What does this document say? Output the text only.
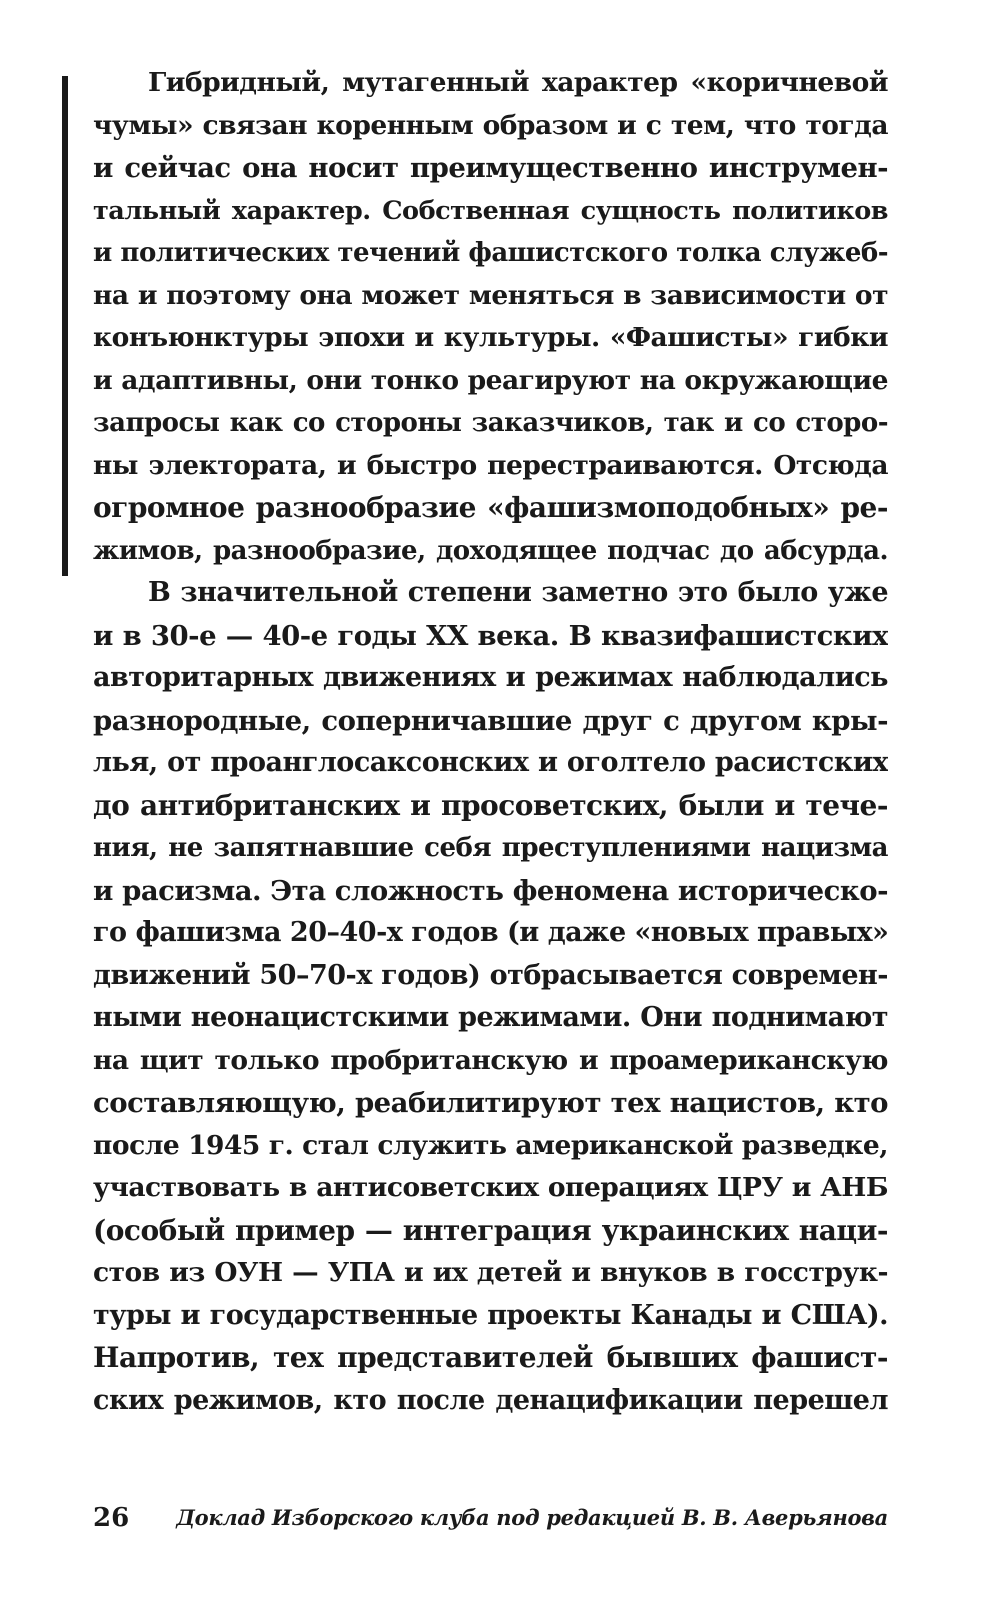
Гибридный, мутагенный характер «коричневой
чумы» связан коренным образом и с тем, что тогда
и сейчас она носит преимущественно инструмен-
тальный характер. Собственная сущность политиков
и политических течений фашистского толка служеб-
на и поэтому она может меняться в зависимости от
конъюнктуры эпохи и культуры. «Фашисты» гибки
и адаптивны, они тонко реагируют на окружающие
запросы как со стороны заказчиков, так и со сторо-
ны электората, и быстро перестраиваются. Отсюда
огромное разнообразие «фашизмоподобных» ре-
жимов, разнообразие, доходящее подчас до абсурда.
В значительной степени заметно это было уже
и в 30-е — 40-е годы XX века. В квазифашистских
авторитарных движениях и режимах наблюдались
разнородные, соперничавшие друг с другом кры-
лья, от проанглосаксонских и оголтело расистских
до антибританских и просоветских, были и тече-
ния, не запятнавшие себя преступлениями нацизма
и расизма. Эта сложность феномена историческо-
го фашизма 20–40-х годов (и даже «новых правых»
движений 50–70-х годов) отбрасывается современ-
ными неонацистскими режимами. Они поднимают
на щит только пробританскую и проамериканскую
составляющую, реабилитируют тех нацистов, кто
после 1945 г. стал служить американской разведке,
участвовать в антисоветских операциях ЦРУ и АНБ
(особый пример — интеграция украинских наци-
стов из ОУН — УПА и их детей и внуков в госструк-
туры и государственные проекты Канады и США).
Напротив, тех представителей бывших фашист-
ских режимов, кто после денацификации перешел
26 Доклад Изборского клуба под редакцией В. В. Аверьянова
